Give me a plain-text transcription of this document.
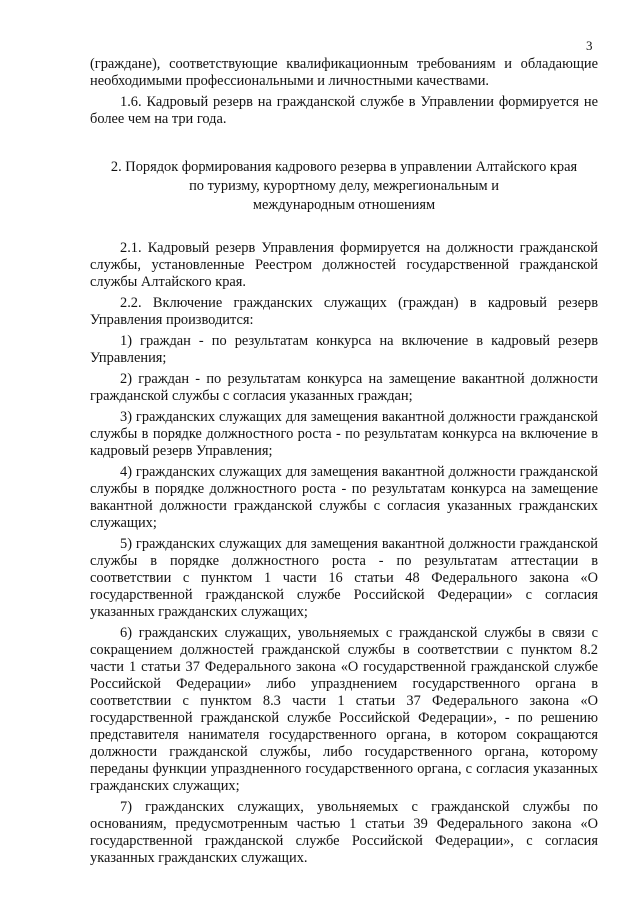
3

(граждане), соответствующие квалификационным требованиям и обладающие необходимыми профессиональными и личностными качествами.

1.6. Кадровый резерв на гражданской службе в Управлении формируется не более чем на три года.

2. Порядок формирования кадрового резерва в управлении Алтайского края
по туризму, курортному делу, межрегиональным и
международным отношениям

2.1. Кадровый резерв Управления формируется на должности гражданской службы, установленные Реестром должностей государственной гражданской службы Алтайского края.

2.2. Включение гражданских служащих (граждан) в кадровый резерв Управления производится:

1) граждан - по результатам конкурса на включение в кадровый резерв Управления;

2) граждан - по результатам конкурса на замещение вакантной должности гражданской службы с согласия указанных граждан;

3) гражданских служащих для замещения вакантной должности гражданской службы в порядке должностного роста - по результатам конкурса на включение в кадровый резерв Управления;

4) гражданских служащих для замещения вакантной должности гражданской службы в порядке должностного роста - по результатам конкурса на замещение вакантной должности гражданской службы с согласия указанных гражданских служащих;

5) гражданских служащих для замещения вакантной должности гражданской службы в порядке должностного роста - по результатам аттестации в соответствии с пунктом 1 части 16 статьи 48 Федерального закона «О государственной гражданской службе Российской Федерации» с согласия указанных гражданских служащих;

6) гражданских служащих, увольняемых с гражданской службы в связи с сокращением должностей гражданской службы в соответствии с пунктом 8.2 части 1 статьи 37 Федерального закона «О государственной гражданской службе Российской Федерации» либо упразднением государственного органа в соответствии с пунктом 8.3 части 1 статьи 37 Федерального закона «О государственной гражданской службе Российской Федерации», - по решению представителя нанимателя государственного органа, в котором сокращаются должности гражданской службы, либо государственного органа, которому переданы функции упраздненного государственного органа, с согласия указанных гражданских служащих;

7) гражданских служащих, увольняемых с гражданской службы по основаниям, предусмотренным частью 1 статьи 39 Федерального закона «О государственной гражданской службе Российской Федерации», с согласия указанных гражданских служащих.
